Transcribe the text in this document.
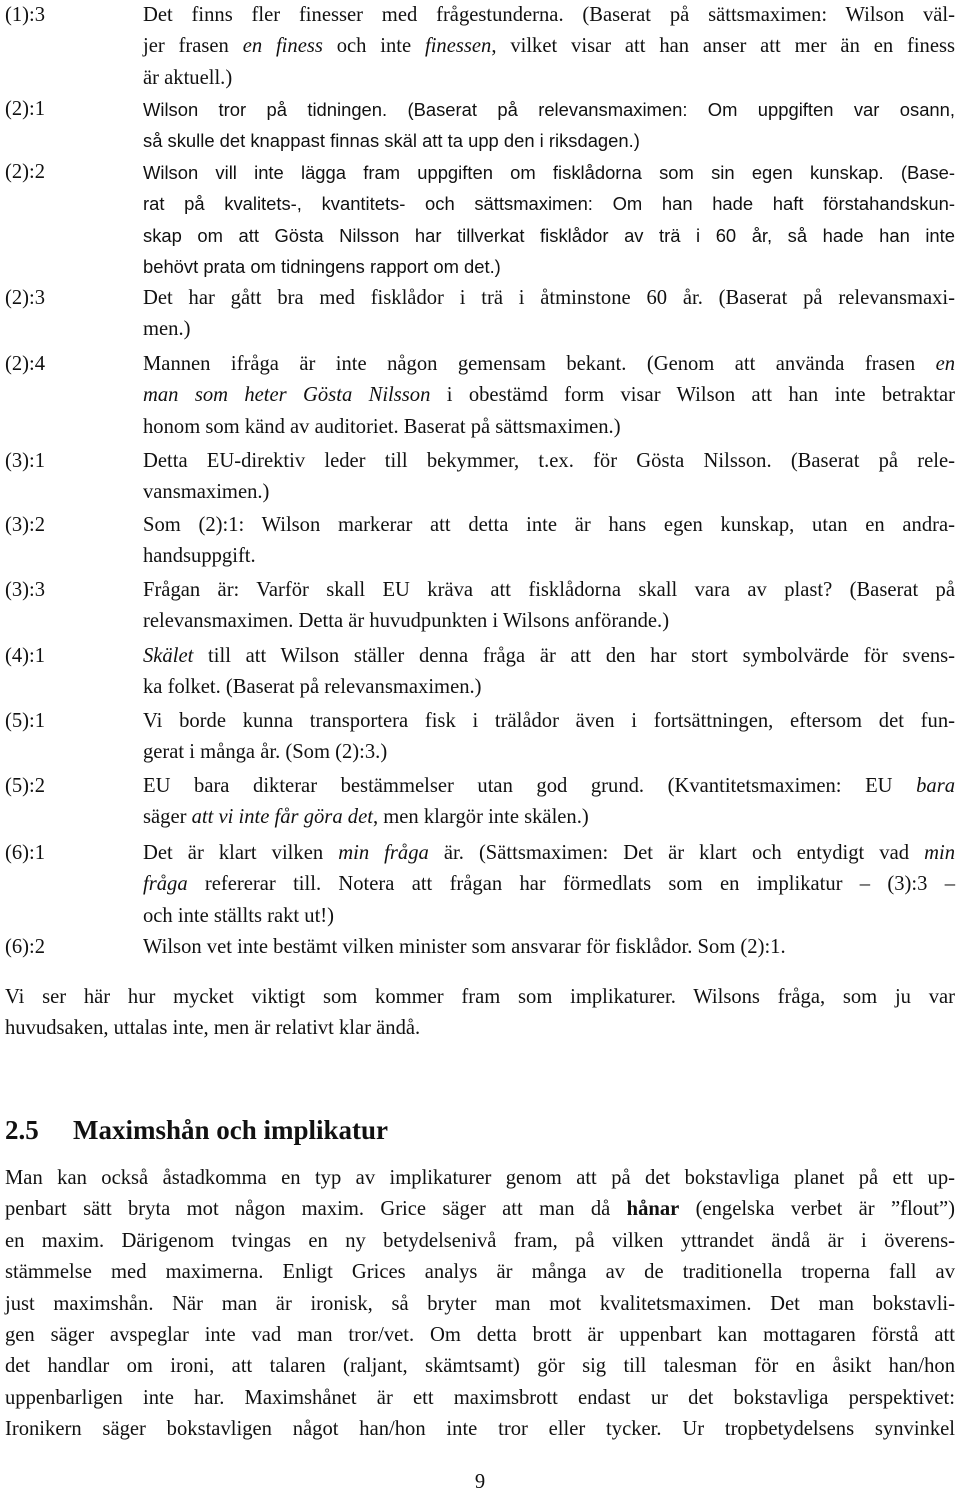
(1):3	Det finns fler finesser med frågestunderna. (Baserat på sättsmaximen: Wilson väl-
jer frasen en finess och inte finessen, vilket visar att han anser att mer än en finess
är aktuell.)
(2):1	Wilson tror på tidningen. (Baserat på relevansmaximen: Om uppgiften var osann,
så skulle det knappast finnas skäl att ta upp den i riksdagen.)
(2):2	Wilson vill inte lägga fram uppgiften om fisklådorna som sin egen kunskap. (Base-
rat på kvalitets-, kvantitets- och sättsmaximen: Om han hade haft förstahandskun-
skap om att Gösta Nilsson har tillverkat fisklådor av trä i 60 år, så hade han inte
behövt prata om tidningens rapport om det.)
(2):3	Det har gått bra med fisklådor i trä i åtminstone 60 år. (Baserat på relevansmaxi-
men.)
(2):4	Mannen ifråga är inte någon gemensam bekant. (Genom att använda frasen en
man som heter Gösta Nilsson i obestämd form visar Wilson att han inte betraktar
honom som känd av auditoriet. Baserat på sättsmaximen.)
(3):1	Detta EU-direktiv leder till bekymmer, t.ex. för Gösta Nilsson. (Baserat på rele-
vansmaximen.)
(3):2	Som (2):1: Wilson markerar att detta inte är hans egen kunskap, utan en andra-
handsuppgift.
(3):3	Frågan är: Varför skall EU kräva att fisklådorna skall vara av plast? (Baserat på
relevansmaximen. Detta är huvudpunkten i Wilsons anförande.)
(4):1	Skälet till att Wilson ställer denna fråga är att den har stort symbolvärde för svens-
ka folket. (Baserat på relevansmaximen.)
(5):1	Vi borde kunna transportera fisk i trälådor även i fortsättningen, eftersom det fun-
gerat i många år. (Som (2):3.)
(5):2	EU bara dikterar bestämmelser utan god grund. (Kvantitetsmaximen: EU bara
säger att vi inte får göra det, men klargör inte skälen.)
(6):1	Det är klart vilken min fråga är. (Sättsmaximen: Det är klart och entydigt vad min
fråga refererar till. Notera att frågan har förmedlats som en implikatur – (3):3 –
och inte ställts rakt ut!)
(6):2	Wilson vet inte bestämt vilken minister som ansvarar för fisklådor. Som (2):1.
Vi ser här hur mycket viktigt som kommer fram som implikaturer. Wilsons fråga, som ju var
huvudsaken, uttalas inte, men är relativt klar ändå.
2.5 Maximshån och implikatur
Man kan också åstadkomma en typ av implikaturer genom att på det bokstavliga planet på ett up-
penbart sätt bryta mot någon maxim. Grice säger att man då hånar (engelska verbet är ”flout”)
en maxim. Därigenom tvingas en ny betydelsenivå fram, på vilken yttrandet ändå är i överens-
stämmelse med maximerna. Enligt Grices analys är många av de traditionella troperna fall av
just maximshån. När man är ironisk, så bryter man mot kvalitetsmaximen. Det man bokstavli-
gen säger avspeglar inte vad man tror/vet. Om detta brott är uppenbart kan mottagaren förstå att
det handlar om ironi, att talaren (raljant, skämtsamt) gör sig till talesman för en åsikt han/hon
uppenbarligen inte har. Maximshånet är ett maximsbrott endast ur det bokstavliga perspektivet:
Ironikern säger bokstavligen något han/hon inte tror eller tycker. Ur tropbetydelsens synvinkel
9
